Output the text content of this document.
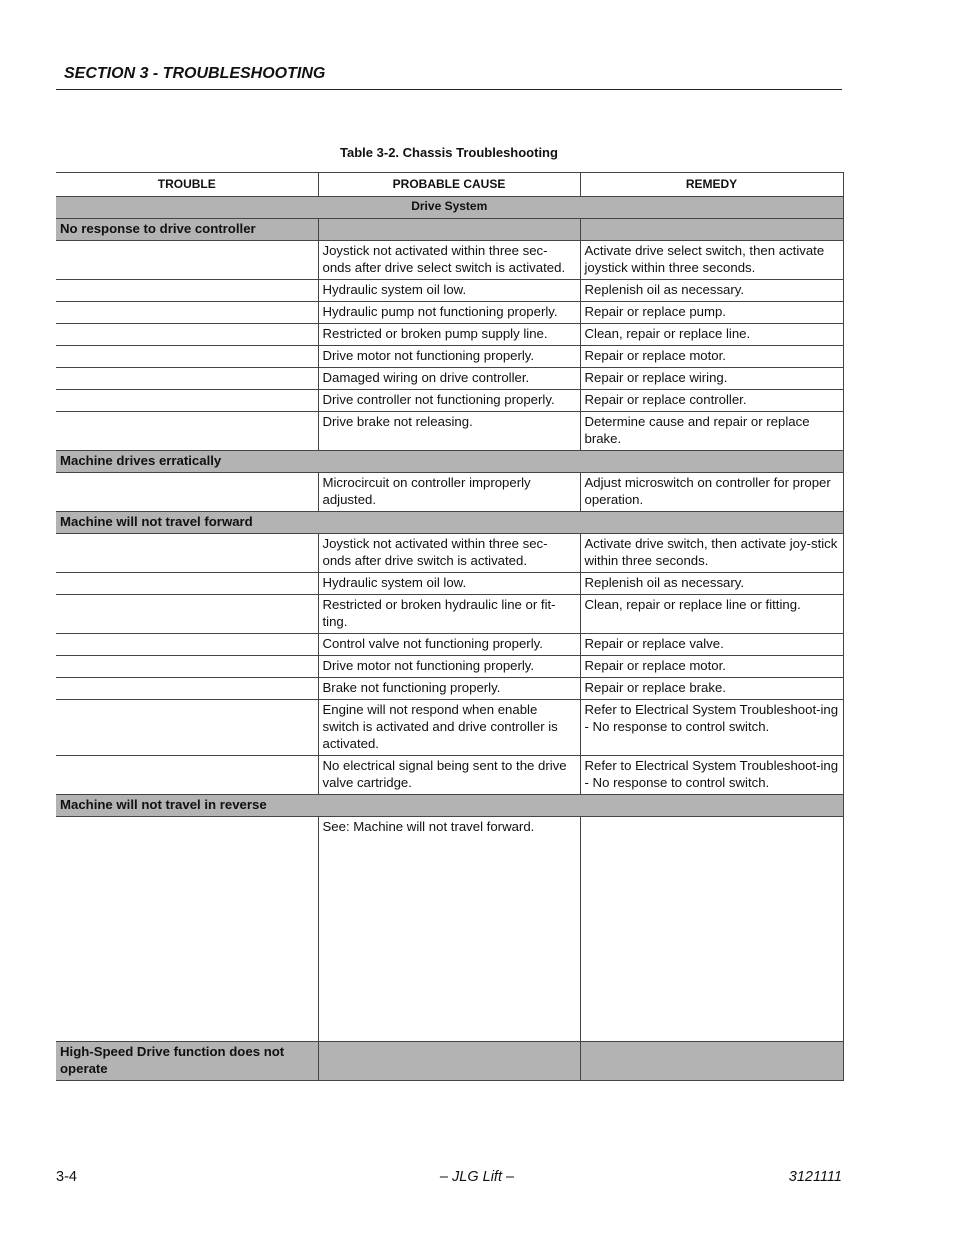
SECTION 3 - TROUBLESHOOTING
Table 3-2. Chassis Troubleshooting
TROUBLE	PROBABLE CAUSE	REMEDY
Drive System		
No response to drive controller		
	Joystick not activated within three sec-onds after drive select switch is activated.	Activate drive select switch, then activate joystick within three seconds.
	Hydraulic system oil low.	Replenish oil as necessary.
	Hydraulic pump not functioning properly.	Repair or replace pump.
	Restricted or broken pump supply line.	Clean, repair or replace line.
	Drive motor not functioning properly.	Repair or replace motor.
	Damaged wiring on drive controller.	Repair or replace wiring.
	Drive controller not functioning properly.	Repair or replace controller.
	Drive brake not releasing.	Determine cause and repair or replace brake.
Machine drives erratically		
	Microcircuit on controller improperly adjusted.	Adjust microswitch on controller for proper operation.
Machine will not travel forward		
	Joystick not activated within three sec-onds after drive switch is activated.	Activate drive switch, then activate joy-stick within three seconds.
	Hydraulic system oil low.	Replenish oil as necessary.
	Restricted or broken hydraulic line or fit-ting.	Clean, repair or replace line or fitting.
	Control valve not functioning properly.	Repair or replace valve.
	Drive motor not functioning properly.	Repair or replace motor.
	Brake not functioning properly.	Repair or replace brake.
	Engine will not respond when enable switch is activated and drive controller is activated.	Refer to Electrical System Troubleshoot-ing - No response to control switch.
	No electrical signal being sent to the drive valve cartridge.	Refer to Electrical System Troubleshoot-ing - No response to control switch.
Machine will not travel in reverse		
	See: Machine will not travel forward.	
High-Speed Drive function does not operate		
3-4	– JLG Lift –	3121111
